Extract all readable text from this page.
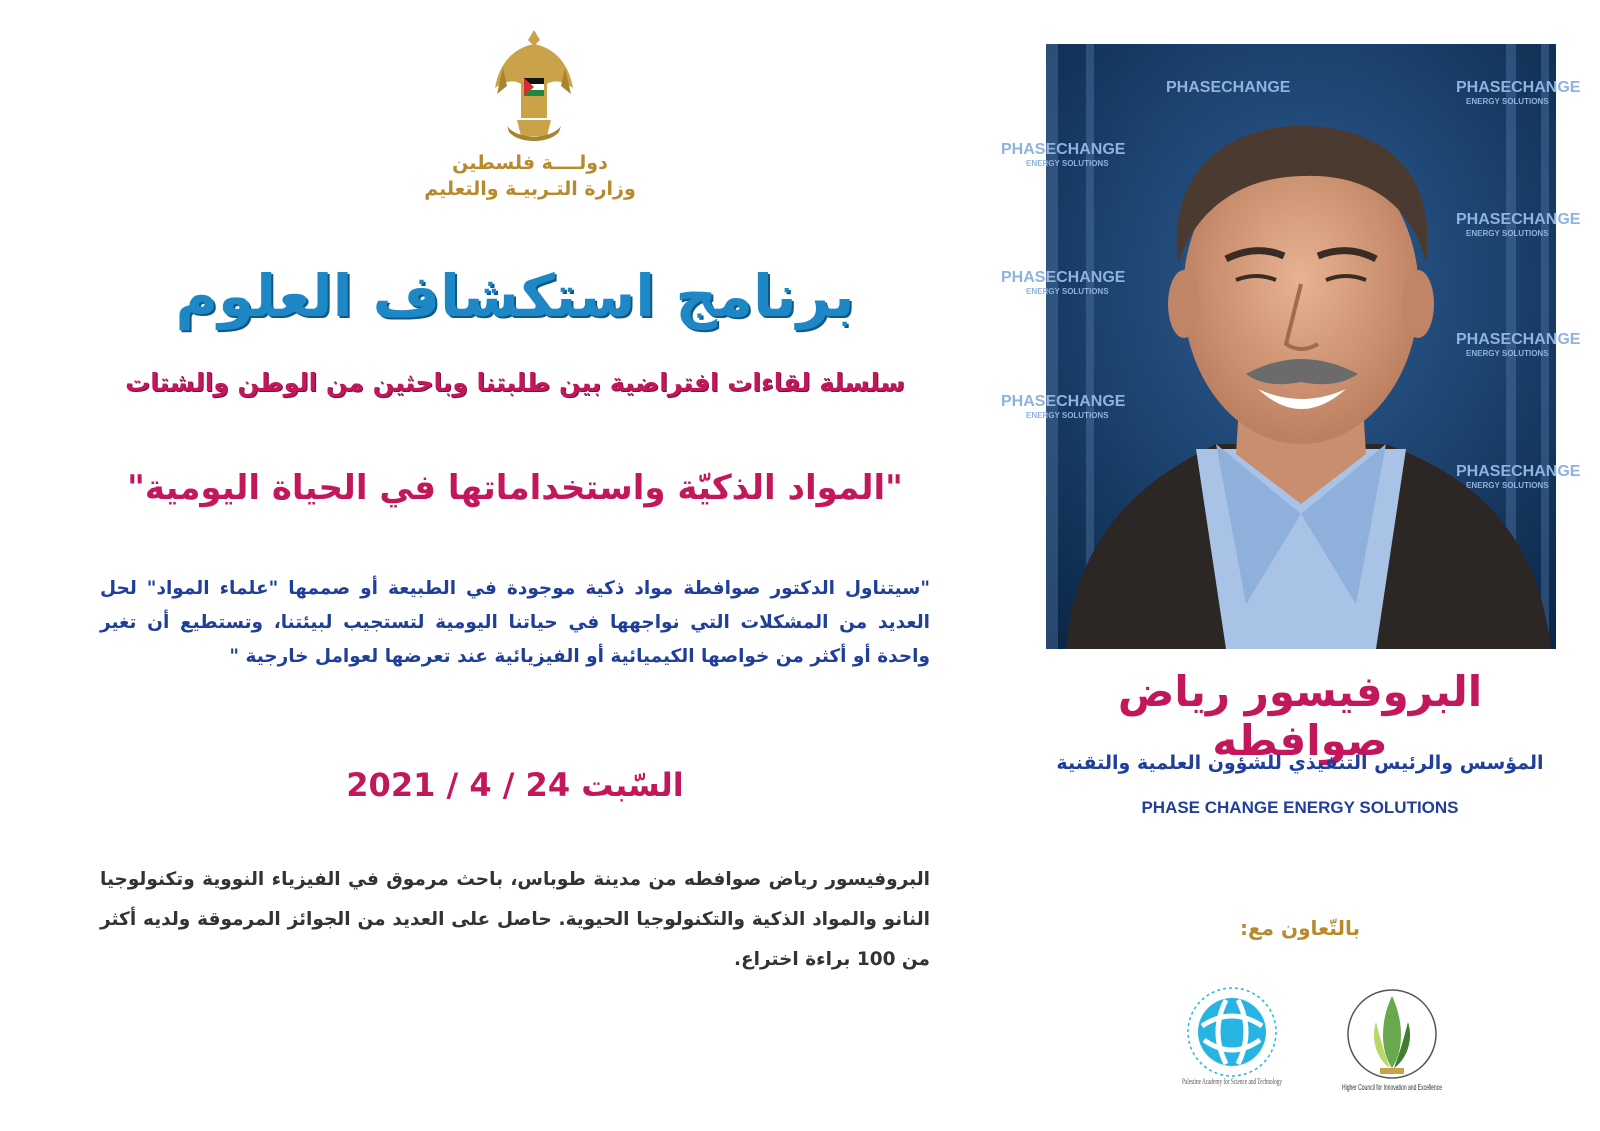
دولــــة فلسطين
وزارة التـربيـة والتعليم
برنامج استكشاف العلوم
سلسلة لقاءات افتراضية بين طلبتنا وباحثين من الوطن والشتات
"المواد الذكيّة واستخداماتها في الحياة اليومية"
"سيتناول الدكتور صوافطة مواد ذكية موجودة في الطبيعة أو صممها "علماء المواد" لحل العديد من المشكلات التي نواجهها في حياتنا اليومية لتستجيب لبيئتنا، وتستطيع أن تغير واحدة أو أكثر من خواصها الكيميائية أو الفيزيائية عند تعرضها لعوامل خارجية "
السّبت 24 / 4 / 2021
البروفيسور رياض صوافطه من مدينة طوباس، باحث مرموق في الفيزياء النووية وتكنولوجيا النانو والمواد الذكية والتكنولوجيا الحيوية. حاصل على العديد من الجوائز المرموقة ولديه أكثر من 100 براءة اختراع.
PHASECHANGE	PHASECHANGE
PHASECHANGE
PHASECHANGE
PHASECHANGE
PHASECHANGE
PHASECHANGE
PHASECHANGE
ENERGY SOLUTIONS
ENERGY SOLUTIONS
ENERGY SOLUTIONS
ENERGY SOLUTIONS
ENERGY SOLUTIONS
ENERGY SOLUTIONS
ENERGY SOLUTIONS
البروفيسور رياض صوافطه
المؤسس والرئيس التنفيذي للشؤون العلمية والتقنية
PHASE CHANGE ENERGY SOLUTIONS
بالتّعاون مع:
Palestine Academy for Science and Technology
Higher Council for Innovation and Excellence
